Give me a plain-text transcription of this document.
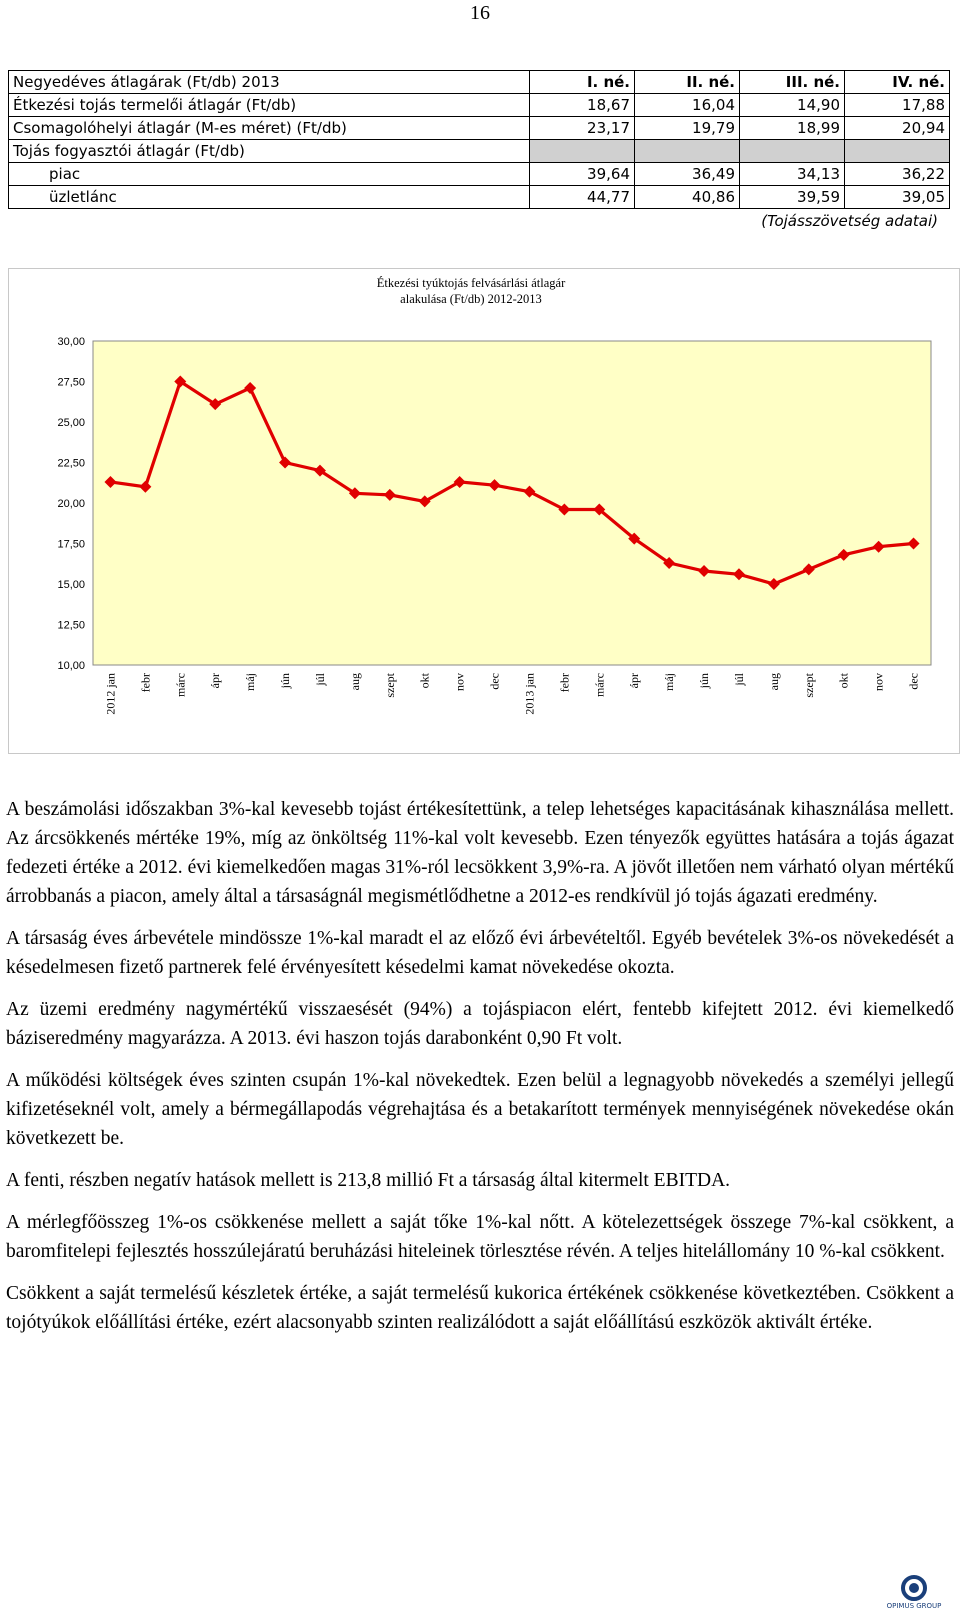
16
Negyedéves átlagárak (Ft/db) 2013	I. né.	II. né.	III. né.	IV. né.
Étkezési tojás termelői átlagár (Ft/db)	18,67	16,04	14,90	17,88
Csomagolóhelyi átlagár (M-es méret) (Ft/db)	23,17	19,79	18,99	20,94
Tojás fogyasztói átlagár (Ft/db)				
piac	39,64	36,49	34,13	36,22
üzletlánc	44,77	40,86	39,59	39,05
(Tojásszövetség adatai)
Étkezési tyúktojás felvásárlási átlagár
alakulása (Ft/db) 2012-2013
30,00
27,50
25,00
22,50
20,00
17,50
15,00
12,50
10,00
2012 jan febr márc ápr máj jún júl aug szept okt nov dec 2013 jan febr márc ápr máj jún júl aug szept okt nov dec

A beszámolási időszakban 3%-kal kevesebb tojást értékesítettünk, a telep lehetséges kapacitásának kihasználása mellett. Az árcsökkenés mértéke 19%, míg az önköltség 11%-kal volt kevesebb. Ezen tényezők együttes hatására a tojás ágazat fedezeti értéke a 2012. évi kiemelkedően magas 31%-ról lecsökkent 3,9%-ra. A jövőt illetően nem várható olyan mértékű árrobbanás a piacon, amely által a társaságnál megismétlődhetne a 2012-es rendkívül jó tojás ágazati eredmény.

A társaság éves árbevétele mindössze 1%-kal maradt el az előző évi árbevételtől. Egyéb bevételek 3%-os növekedését a késedelmesen fizető partnerek felé érvényesített késedelmi kamat növekedése okozta.

Az üzemi eredmény nagymértékű visszaesését (94%) a tojáspiacon elért, fentebb kifejtett 2012. évi kiemelkedő báziseredmény magyarázza. A 2013. évi haszon tojás darabonként 0,90 Ft volt.

A működési költségek éves szinten csupán 1%-kal növekedtek. Ezen belül a legnagyobb növekedés a személyi jellegű kifizetéseknél volt, amely a bérmegállapodás végrehajtása és a betakarított termények mennyiségének növekedése okán következett be.

A fenti, részben negatív hatások mellett is 213,8 millió Ft a társaság által kitermelt EBITDA.

A mérlegfőösszeg 1%-os csökkenése mellett a saját tőke 1%-kal nőtt. A kötelezettségek összege 7%-kal csökkent, a baromfitelepi fejlesztés hosszúlejáratú beruházási hiteleinek törlesztése révén. A teljes hitelállomány 10 %-kal csökkent.

Csökkent a saját termelésű készletek értéke, a saját termelésű kukorica értékének csökkenése következtében. Csökkent a tojótyúkok előállítási értéke, ezért alacsonyabb szinten realizálódott a saját előállítású eszközök aktivált értéke.

OPIMUS GROUP
